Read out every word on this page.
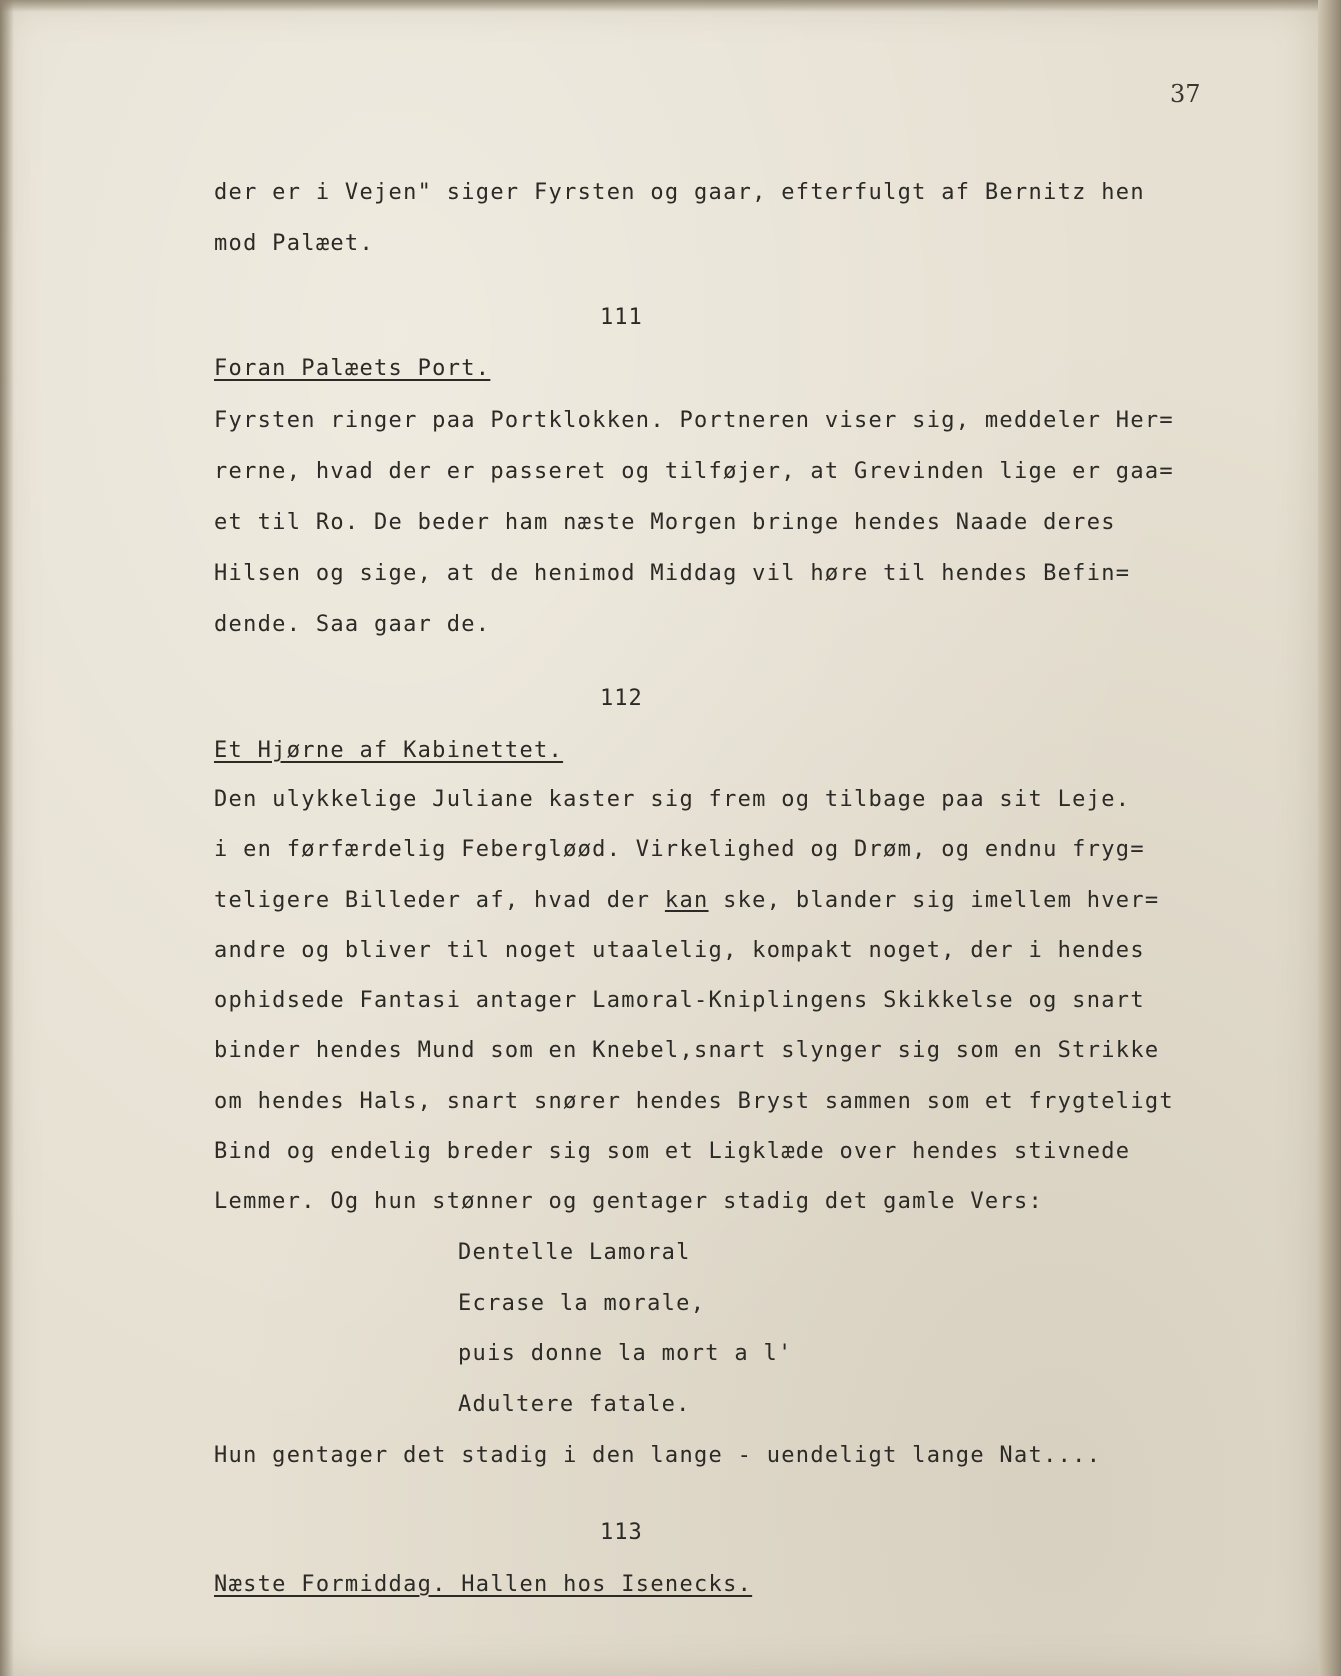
37
der er i Vejen" siger Fyrsten og gaar, efterfulgt af Bernitz hen
mod Palæet.
111
Foran Palæets Port.
Fyrsten ringer paa Portklokken. Portneren viser sig, meddeler Her=
rerne, hvad der er passeret og tilføjer, at Grevinden lige er gaa=
et til Ro. De beder ham næste Morgen bringe hendes Naade deres
Hilsen og sige, at de henimod Middag vil høre til hendes Befin=
dende. Saa gaar de.
112
Et Hjørne af Kabinettet.
Den ulykkelige Juliane kaster sig frem og tilbage paa sit Leje.
i en førfærdelig Febergløød. Virkelighed og Drøm, og endnu fryg=
teligere Billeder af, hvad der kan ske, blander sig imellem hver=
andre og bliver til noget utaalelig, kompakt noget, der i hendes
ophidsede Fantasi antager Lamoral-Kniplingens Skikkelse og snart
binder hendes Mund som en Knebel,snart slynger sig som en Strikke
om hendes Hals, snart snører hendes Bryst sammen som et frygteligt
Bind og endelig breder sig som et Ligklæde over hendes stivnede
Lemmer. Og hun stønner og gentager stadig det gamle Vers:
Dentelle Lamoral
Ecrase la morale,
puis donne la mort a l'
Adultere fatale.
Hun gentager det stadig i den lange - uendeligt lange Nat....
113
Næste Formiddag. Hallen hos Isenecks.
